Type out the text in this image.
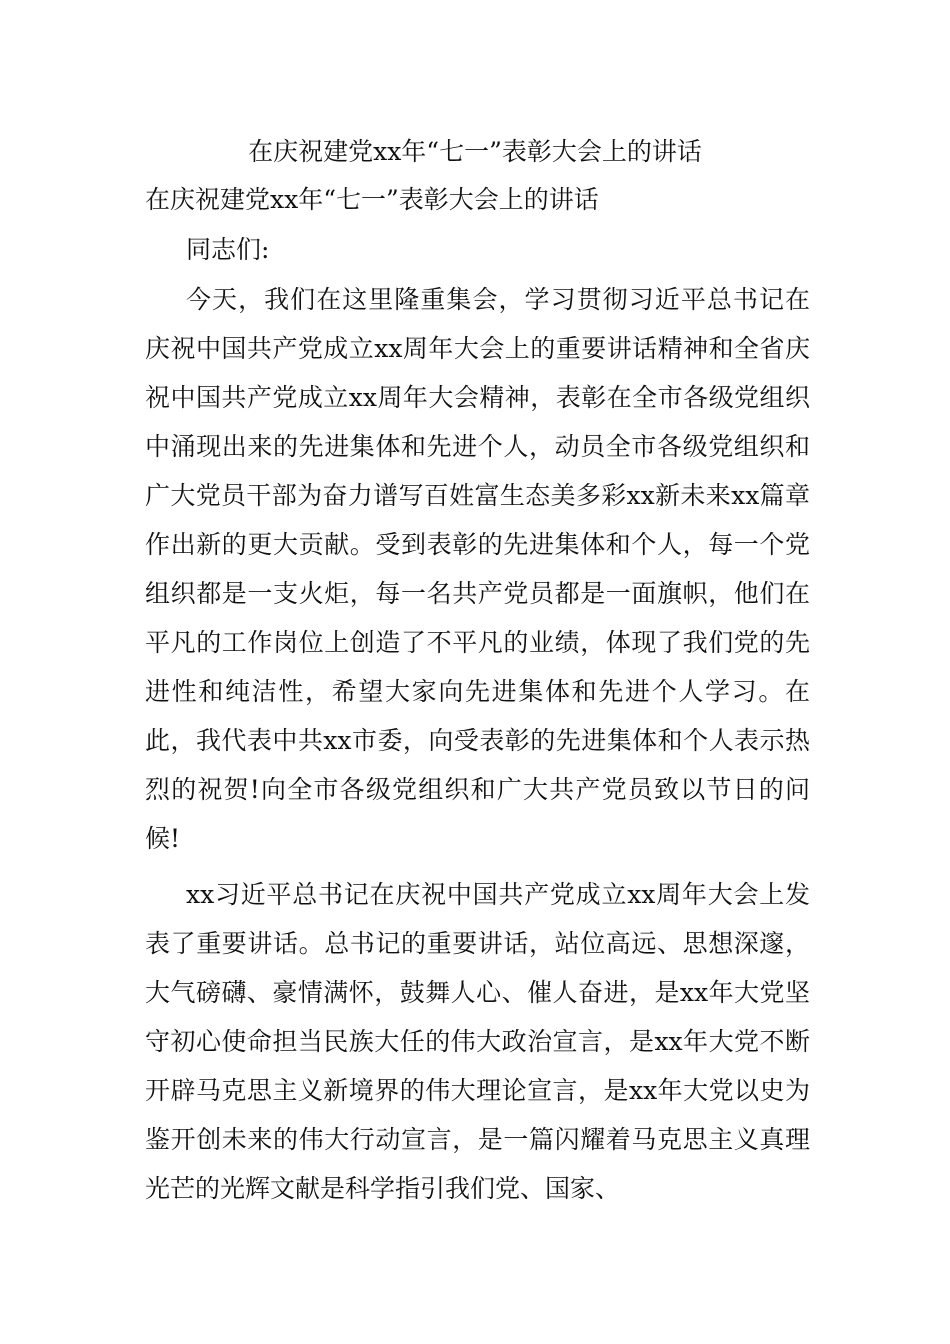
在庆祝建党xx年“七一”表彰大会上的讲话
在庆祝建党xx年“七一”表彰大会上的讲话
同志们:
今天，我们在这里隆重集会，学习贯彻习近平总书记在庆祝中国共产党成立xx周年大会上的重要讲话精神和全省庆祝中国共产党成立xx周年大会精神，表彰在全市各级党组织中涌现出来的先进集体和先进个人，动员全市各级党组织和广大党员干部为奋力谱写百姓富生态美多彩xx新未来xx篇章作出新的更大贡献。受到表彰的先进集体和个人，每一个党组织都是一支火炬，每一名共产党员都是一面旗帜，他们在平凡的工作岗位上创造了不平凡的业绩，体现了我们党的先进性和纯洁性，希望大家向先进集体和先进个人学习。在此，我代表中共xx市委，向受表彰的先进集体和个人表示热烈的祝贺!向全市各级党组织和广大共产党员致以节日的问候!
xx习近平总书记在庆祝中国共产党成立xx周年大会上发表了重要讲话。总书记的重要讲话，站位高远、思想深邃，大气磅礴、豪情满怀，鼓舞人心、催人奋进，是xx年大党坚守初心使命担当民族大任的伟大政治宣言，是xx年大党不断开辟马克思主义新境界的伟大理论宣言，是xx年大党以史为鉴开创未来的伟大行动宣言，是一篇闪耀着马克思主义真理光芒的光辉文献是科学指引我们党、国家、
